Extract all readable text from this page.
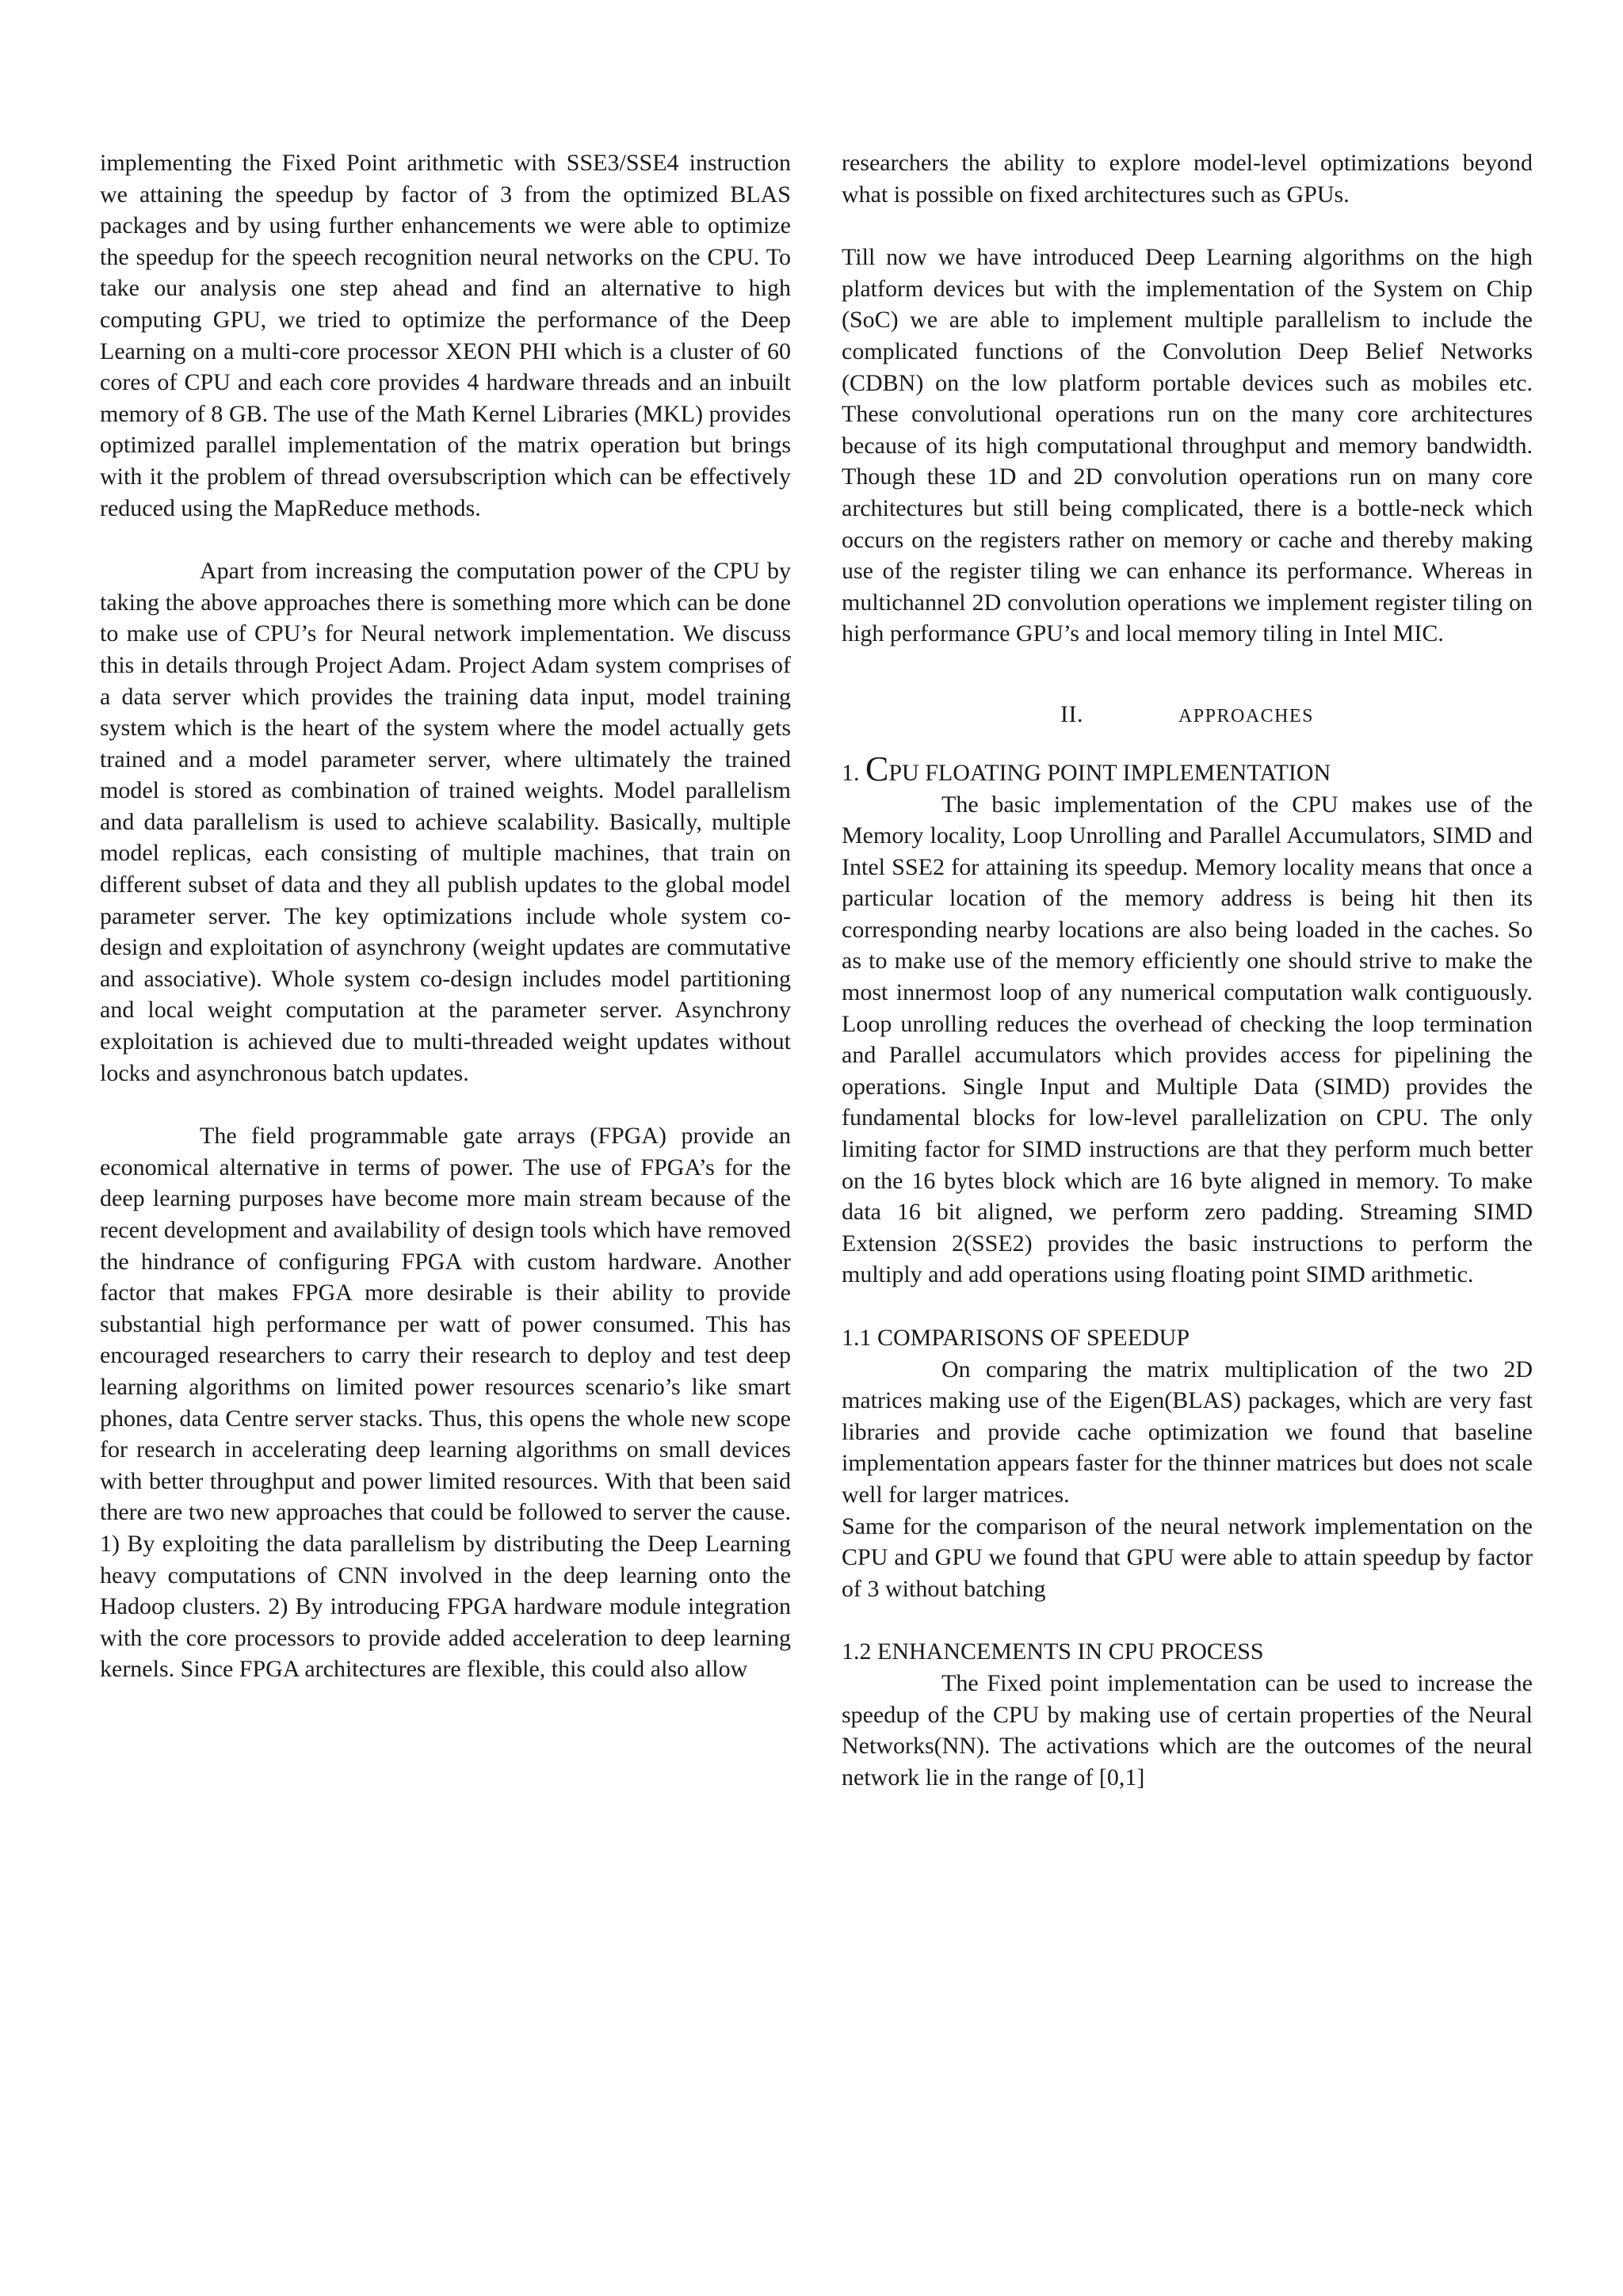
implementing the Fixed Point arithmetic with SSE3/SSE4 instruction we attaining the speedup by factor of 3 from the optimized BLAS packages and by using further enhancements we were able to optimize the speedup for the speech recognition neural networks on the CPU. To take our analysis one step ahead and find an alternative to high computing GPU, we tried to optimize the performance of the Deep Learning on a multi-core processor XEON PHI which is a cluster of 60 cores of CPU and each core provides 4 hardware threads and an inbuilt memory of 8 GB. The use of the Math Kernel Libraries (MKL) provides optimized parallel implementation of the matrix operation but brings with it the problem of thread oversubscription which can be effectively reduced using the MapReduce methods.

Apart from increasing the computation power of the CPU by taking the above approaches there is something more which can be done to make use of CPU’s for Neural network implementation. We discuss this in details through Project Adam. Project Adam system comprises of a data server which provides the training data input, model training system which is the heart of the system where the model actually gets trained and a model parameter server, where ultimately the trained model is stored as combination of trained weights. Model parallelism and data parallelism is used to achieve scalability. Basically, multiple model replicas, each consisting of multiple machines, that train on different subset of data and they all publish updates to the global model parameter server. The key optimizations include whole system co-design and exploitation of asynchrony (weight updates are commutative and associative). Whole system co-design includes model partitioning and local weight computation at the parameter server. Asynchrony exploitation is achieved due to multi-threaded weight updates without locks and asynchronous batch updates.

The field programmable gate arrays (FPGA) provide an economical alternative in terms of power. The use of FPGA’s for the deep learning purposes have become more main stream because of the recent development and availability of design tools which have removed the hindrance of configuring FPGA with custom hardware. Another factor that makes FPGA more desirable is their ability to provide substantial high performance per watt of power consumed. This has encouraged researchers to carry their research to deploy and test deep learning algorithms on limited power resources scenario’s like smart phones, data Centre server stacks. Thus, this opens the whole new scope for research in accelerating deep learning algorithms on small devices with better throughput and power limited resources. With that been said there are two new approaches that could be followed to server the cause. 1) By exploiting the data parallelism by distributing the Deep Learning heavy computations of CNN involved in the deep learning onto the Hadoop clusters. 2) By introducing FPGA hardware module integration with the core processors to provide added acceleration to deep learning kernels. Since FPGA architectures are flexible, this could also allow

researchers the ability to explore model-level optimizations beyond what is possible on fixed architectures such as GPUs.

Till now we have introduced Deep Learning algorithms on the high platform devices but with the implementation of the System on Chip (SoC) we are able to implement multiple parallelism to include the complicated functions of the Convolution Deep Belief Networks (CDBN) on the low platform portable devices such as mobiles etc. These convolutional operations run on the many core architectures because of its high computational throughput and memory bandwidth. Though these 1D and 2D convolution operations run on many core architectures but still being complicated, there is a bottle-neck which occurs on the registers rather on memory or cache and thereby making use of the register tiling we can enhance its performance. Whereas in multichannel 2D convolution operations we implement register tiling on high performance GPU’s and local memory tiling in Intel MIC.

II.	APPROACHES

1. CPU FLOATING POINT IMPLEMENTATION

The basic implementation of the CPU makes use of the Memory locality, Loop Unrolling and Parallel Accumulators, SIMD and Intel SSE2 for attaining its speedup. Memory locality means that once a particular location of the memory address is being hit then its corresponding nearby locations are also being loaded in the caches. So as to make use of the memory efficiently one should strive to make the most innermost loop of any numerical computation walk contiguously. Loop unrolling reduces the overhead of checking the loop termination and Parallel accumulators which provides access for pipelining the operations. Single Input and Multiple Data (SIMD) provides the fundamental blocks for low-level parallelization on CPU. The only limiting factor for SIMD instructions are that they perform much better on the 16 bytes block which are 16 byte aligned in memory. To make data 16 bit aligned, we perform zero padding. Streaming SIMD Extension 2(SSE2) provides the basic instructions to perform the multiply and add operations using floating point SIMD arithmetic.

1.1 COMPARISONS OF SPEEDUP

On comparing the matrix multiplication of the two 2D matrices making use of the Eigen(BLAS) packages, which are very fast libraries and provide cache optimization we found that baseline implementation appears faster for the thinner matrices but does not scale well for larger matrices.

Same for the comparison of the neural network implementation on the CPU and GPU we found that GPU were able to attain speedup by factor of 3 without batching

1.2 ENHANCEMENTS IN CPU PROCESS

The Fixed point implementation can be used to increase the speedup of the CPU by making use of certain properties of the Neural Networks(NN). The activations which are the outcomes of the neural network lie in the range of [0,1]
